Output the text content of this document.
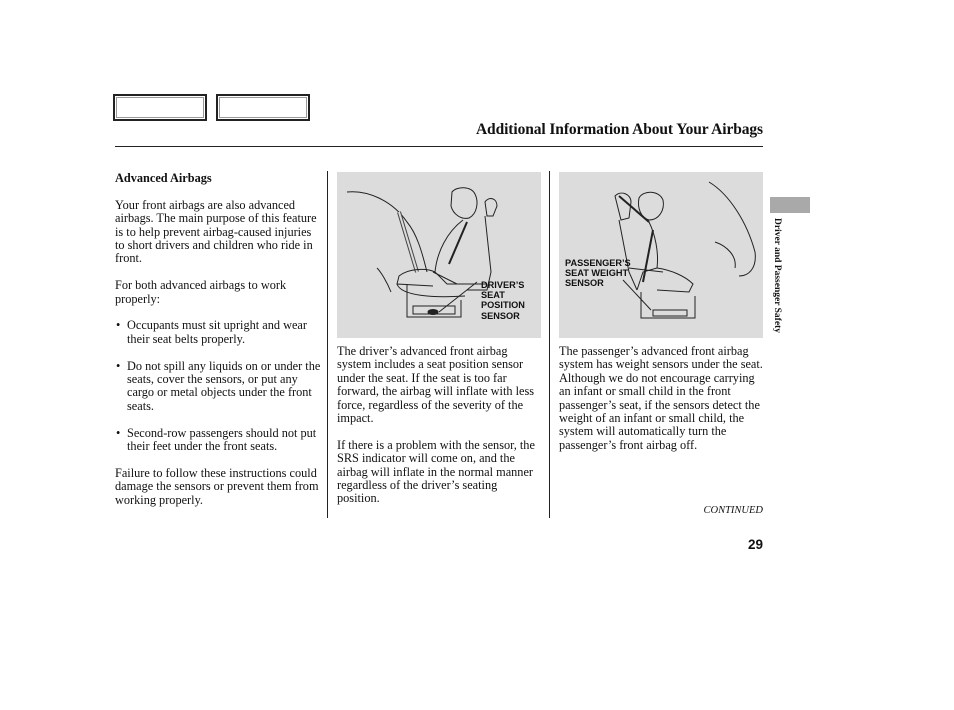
Additional Information About Your Airbags

Advanced Airbags

Your front airbags are also advanced airbags. The main purpose of this feature is to help prevent airbag-caused injuries to short drivers and children who ride in front.

For both advanced airbags to work properly:

• Occupants must sit upright and wear their seat belts properly.
• Do not spill any liquids on or under the seats, cover the sensors, or put any cargo or metal objects under the front seats.
• Second-row passengers should not put their feet under the front seats.

Failure to follow these instructions could damage the sensors or prevent them from working properly.

DRIVER’S
SEAT
POSITION
SENSOR
PASSENGER’S
SEAT WEIGHT
SENSOR

The driver’s advanced front airbag system includes a seat position sensor under the seat. If the seat is too far forward, the airbag will inflate with less force, regardless of the severity of the impact.

If there is a problem with the sensor, the SRS indicator will come on, and the airbag will inflate in the normal manner regardless of the driver’s seating position.

The passenger’s advanced front airbag system has weight sensors under the seat. Although we do not encourage carrying an infant or small child in the front passenger’s seat, if the sensors detect the weight of an infant or small child, the system will automatically turn the passenger’s front airbag off.

CONTINUED
29
Driver and Passenger Safety
